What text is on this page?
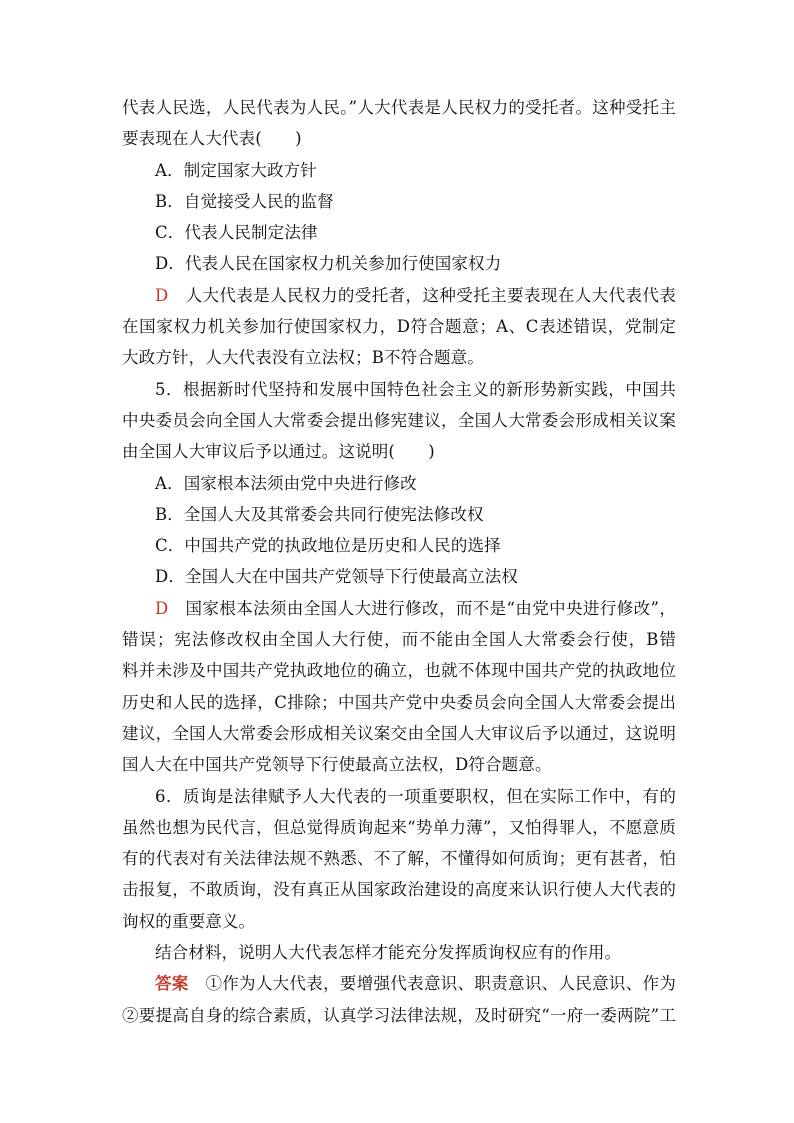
代表人民选，人民代表为人民。”人大代表是人民权力的受托者。这种受托主
要表现在人大代表(　　)
A．制定国家大政方针
B．自觉接受人民的监督
C．代表人民制定法律
D．代表人民在国家权力机关参加行使国家权力
D　 人大代表是人民权力的受托者，这种受托主要表现在人大代表代表
在国家权力机关参加行使国家权力，D符合题意；A、C表述错误，党制定
大政方针，人大代表没有立法权；B不符合题意。
5．根据新时代坚持和发展中国特色社会主义的新形势新实践，中国共
中央委员会向全国人大常委会提出修宪建议，全国人大常委会形成相关议案
由全国人大审议后予以通过。这说明(　　)
A．国家根本法须由党中央进行修改
B．全国人大及其常委会共同行使宪法修改权
C．中国共产党的执政地位是历史和人民的选择
D．全国人大在中国共产党领导下行使最高立法权
D　 国家根本法须由全国人大进行修改，而不是“由党中央进行修改”，
错误；宪法修改权由全国人大行使，而不能由全国人大常委会行使，B错
料并未涉及中国共产党执政地位的确立，也就不体现中国共产党的执政地位
历史和人民的选择，C排除；中国共产党中央委员会向全国人大常委会提出
建议，全国人大常委会形成相关议案交由全国人大审议后予以通过，这说明
国人大在中国共产党领导下行使最高立法权，D符合题意。
6．质询是法律赋予人大代表的一项重要职权，但在实际工作中，有的
虽然也想为民代言，但总觉得质询起来“势单力薄”，又怕得罪人，不愿意质
有的代表对有关法律法规不熟悉、不了解，不懂得如何质询；更有甚者，怕
击报复，不敢质询，没有真正从国家政治建设的高度来认识行使人大代表的
询权的重要意义。
结合材料，说明人大代表怎样才能充分发挥质询权应有的作用。
答案　 ①作为人大代表，要增强代表意识、职责意识、人民意识、作为
②要提高自身的综合素质，认真学习法律法规，及时研究“一府一委两院”工
